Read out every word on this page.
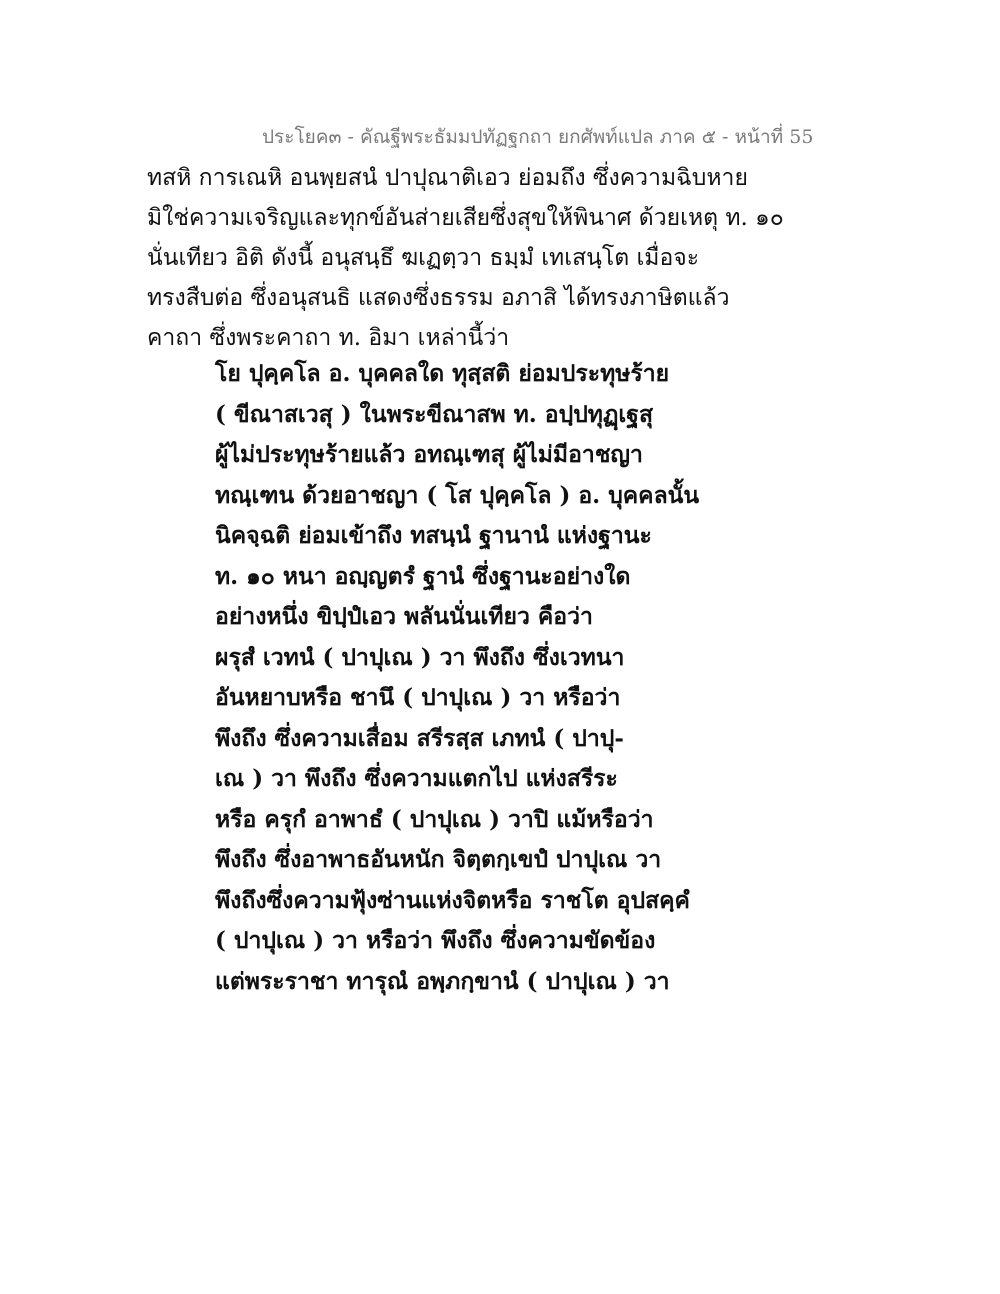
ประโยค๓ - คัณฐีพระธัมมปทัฏฐกถา ยกศัพท์แปล ภาค ๕ - หน้าที่ 55
ทสหิ การเณหิ อนพฺยสนํ ปาปุณาติเอว ย่อมถึง ซึ่งความฉิบหาย
มิใช่ความเจริญและทุกข์อันส่ายเสียซึ่งสุขให้พินาศ ด้วยเหตุ ท. ๑๐
นั่นเทียว อิติ ดังนี้ อนุสนฺธึ ฆเฏตฺวา ธมฺมํ เทเสนฺโต เมื่อจะ
ทรงสืบต่อ ซึ่งอนุสนธิ แสดงซึ่งธรรม อภาสิ ได้ทรงภาษิตแล้ว
คาถา ซึ่งพระคาถา ท. อิมา เหล่านี้ว่า
โย ปุคฺคโล อ. บุคคลใด ทุสฺสติ ย่อมประทุษร้าย
( ขีณาสเวสุ ) ในพระขีณาสพ ท. อปฺปทุฏฺเฐสุ
ผู้ไม่ประทุษร้ายแล้ว อทณฺเฑสุ ผู้ไม่มีอาชญา
ทณฺเฑน ด้วยอาชญา ( โส ปุคฺคโล ) อ. บุคคลนั้น
นิคจฺฉติ ย่อมเข้าถึง ทสนฺนํ ฐานานํ แห่งฐานะ
ท. ๑๐ หนา อญฺญตรํ ฐานํ ซึ่งฐานะอย่างใด
อย่างหนึ่ง ขิปฺปํเอว พลันนั่นเทียว คือว่า
ผรุสํ เวทนํ ( ปาปุเณ ) วา พึงถึง ซึ่งเวทนา
อันหยาบหรือ ชานึ ( ปาปุเณ ) วา หรือว่า
พึงถึง ซึ่งความเสื่อม สรีรสฺส เภทนํ ( ปาปุ-
เณ ) วา พึงถึง ซึ่งความแตกไป แห่งสรีระ
หรือ ครุกํ อาพาธํ ( ปาปุเณ ) วาปิ แม้หรือว่า
พึงถึง ซึ่งอาพาธอันหนัก จิตฺตกฺเขปํ ปาปุเณ วา
พึงถึงซึ่งความฟุ้งซ่านแห่งจิตหรือ ราชโต อุปสคฺคํ
( ปาปุเณ ) วา หรือว่า พึงถึง ซึ่งความขัดข้อง
แต่พระราชา ทารุณํ อพฺภกฺขานํ ( ปาปุเณ ) วา
